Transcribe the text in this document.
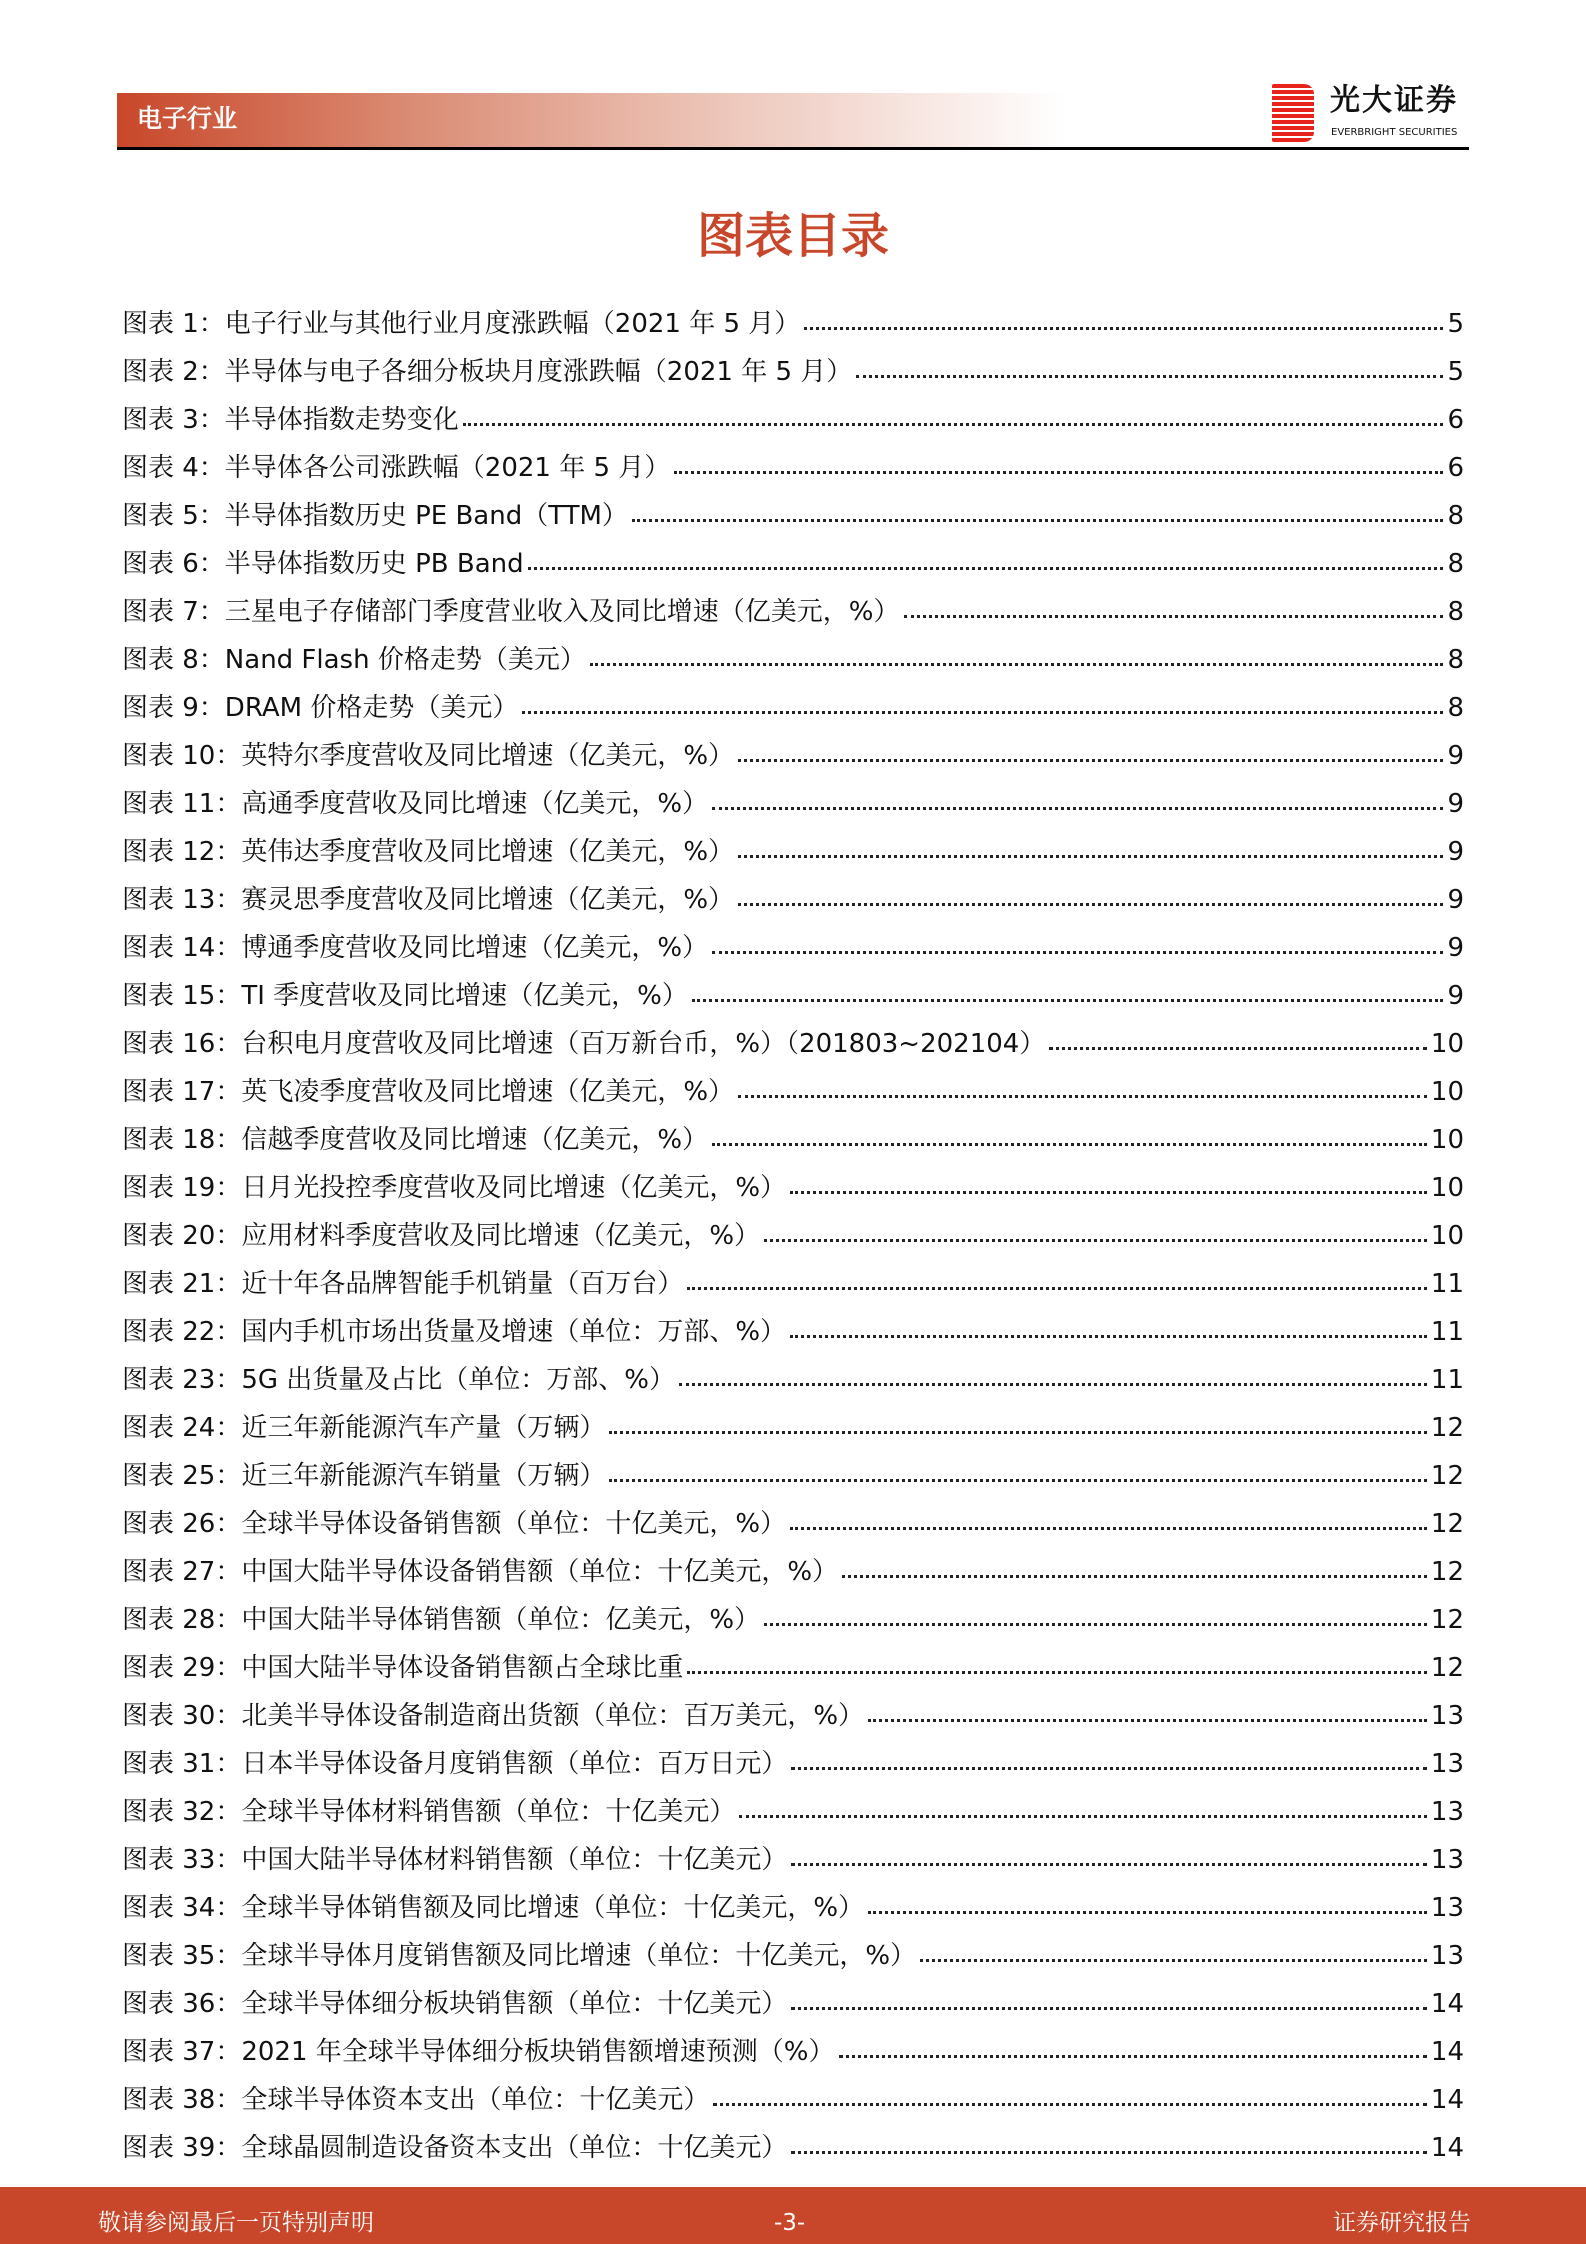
电子行业
光大证券
EVERBRIGHT SECURITIES
图表目录
图表 1：电子行业与其他行业月度涨跌幅（2021 年 5 月）	5
图表 2：半导体与电子各细分板块月度涨跌幅（2021 年 5 月）	5
图表 3：半导体指数走势变化	6
图表 4：半导体各公司涨跌幅（2021 年 5 月）	6
图表 5：半导体指数历史 PE Band（TTM）	8
图表 6：半导体指数历史 PB Band	8
图表 7：三星电子存储部门季度营业收入及同比增速（亿美元，%）	8
图表 8：Nand Flash 价格走势（美元）	8
图表 9：DRAM 价格走势（美元）	8
图表 10：英特尔季度营收及同比增速（亿美元，%）	9
图表 11：高通季度营收及同比增速（亿美元，%）	9
图表 12：英伟达季度营收及同比增速（亿美元，%）	9
图表 13：赛灵思季度营收及同比增速（亿美元，%）	9
图表 14：博通季度营收及同比增速（亿美元，%）	9
图表 15：TI 季度营收及同比增速（亿美元，%）	9
图表 16：台积电月度营收及同比增速（百万新台币，%）（201803~202104）	10
图表 17：英飞凌季度营收及同比增速（亿美元，%）	10
图表 18：信越季度营收及同比增速（亿美元，%）	10
图表 19：日月光投控季度营收及同比增速（亿美元，%）	10
图表 20：应用材料季度营收及同比增速（亿美元，%）	10
图表 21：近十年各品牌智能手机销量（百万台）	11
图表 22：国内手机市场出货量及增速（单位：万部、%）	11
图表 23：5G 出货量及占比（单位：万部、%）	11
图表 24：近三年新能源汽车产量（万辆）	12
图表 25：近三年新能源汽车销量（万辆）	12
图表 26：全球半导体设备销售额（单位：十亿美元，%）	12
图表 27：中国大陆半导体设备销售额（单位：十亿美元，%）	12
图表 28：中国大陆半导体销售额（单位：亿美元，%）	12
图表 29：中国大陆半导体设备销售额占全球比重	12
图表 30：北美半导体设备制造商出货额（单位：百万美元，%）	13
图表 31：日本半导体设备月度销售额（单位：百万日元）	13
图表 32：全球半导体材料销售额（单位：十亿美元）	13
图表 33：中国大陆半导体材料销售额（单位：十亿美元）	13
图表 34：全球半导体销售额及同比增速（单位：十亿美元，%）	13
图表 35：全球半导体月度销售额及同比增速（单位：十亿美元，%）	13
图表 36：全球半导体细分板块销售额（单位：十亿美元）	14
图表 37：2021 年全球半导体细分板块销售额增速预测（%）	14
图表 38：全球半导体资本支出（单位：十亿美元）	14
图表 39：全球晶圆制造设备资本支出（单位：十亿美元）	14
敬请参阅最后一页特别声明	-3-	证券研究报告
